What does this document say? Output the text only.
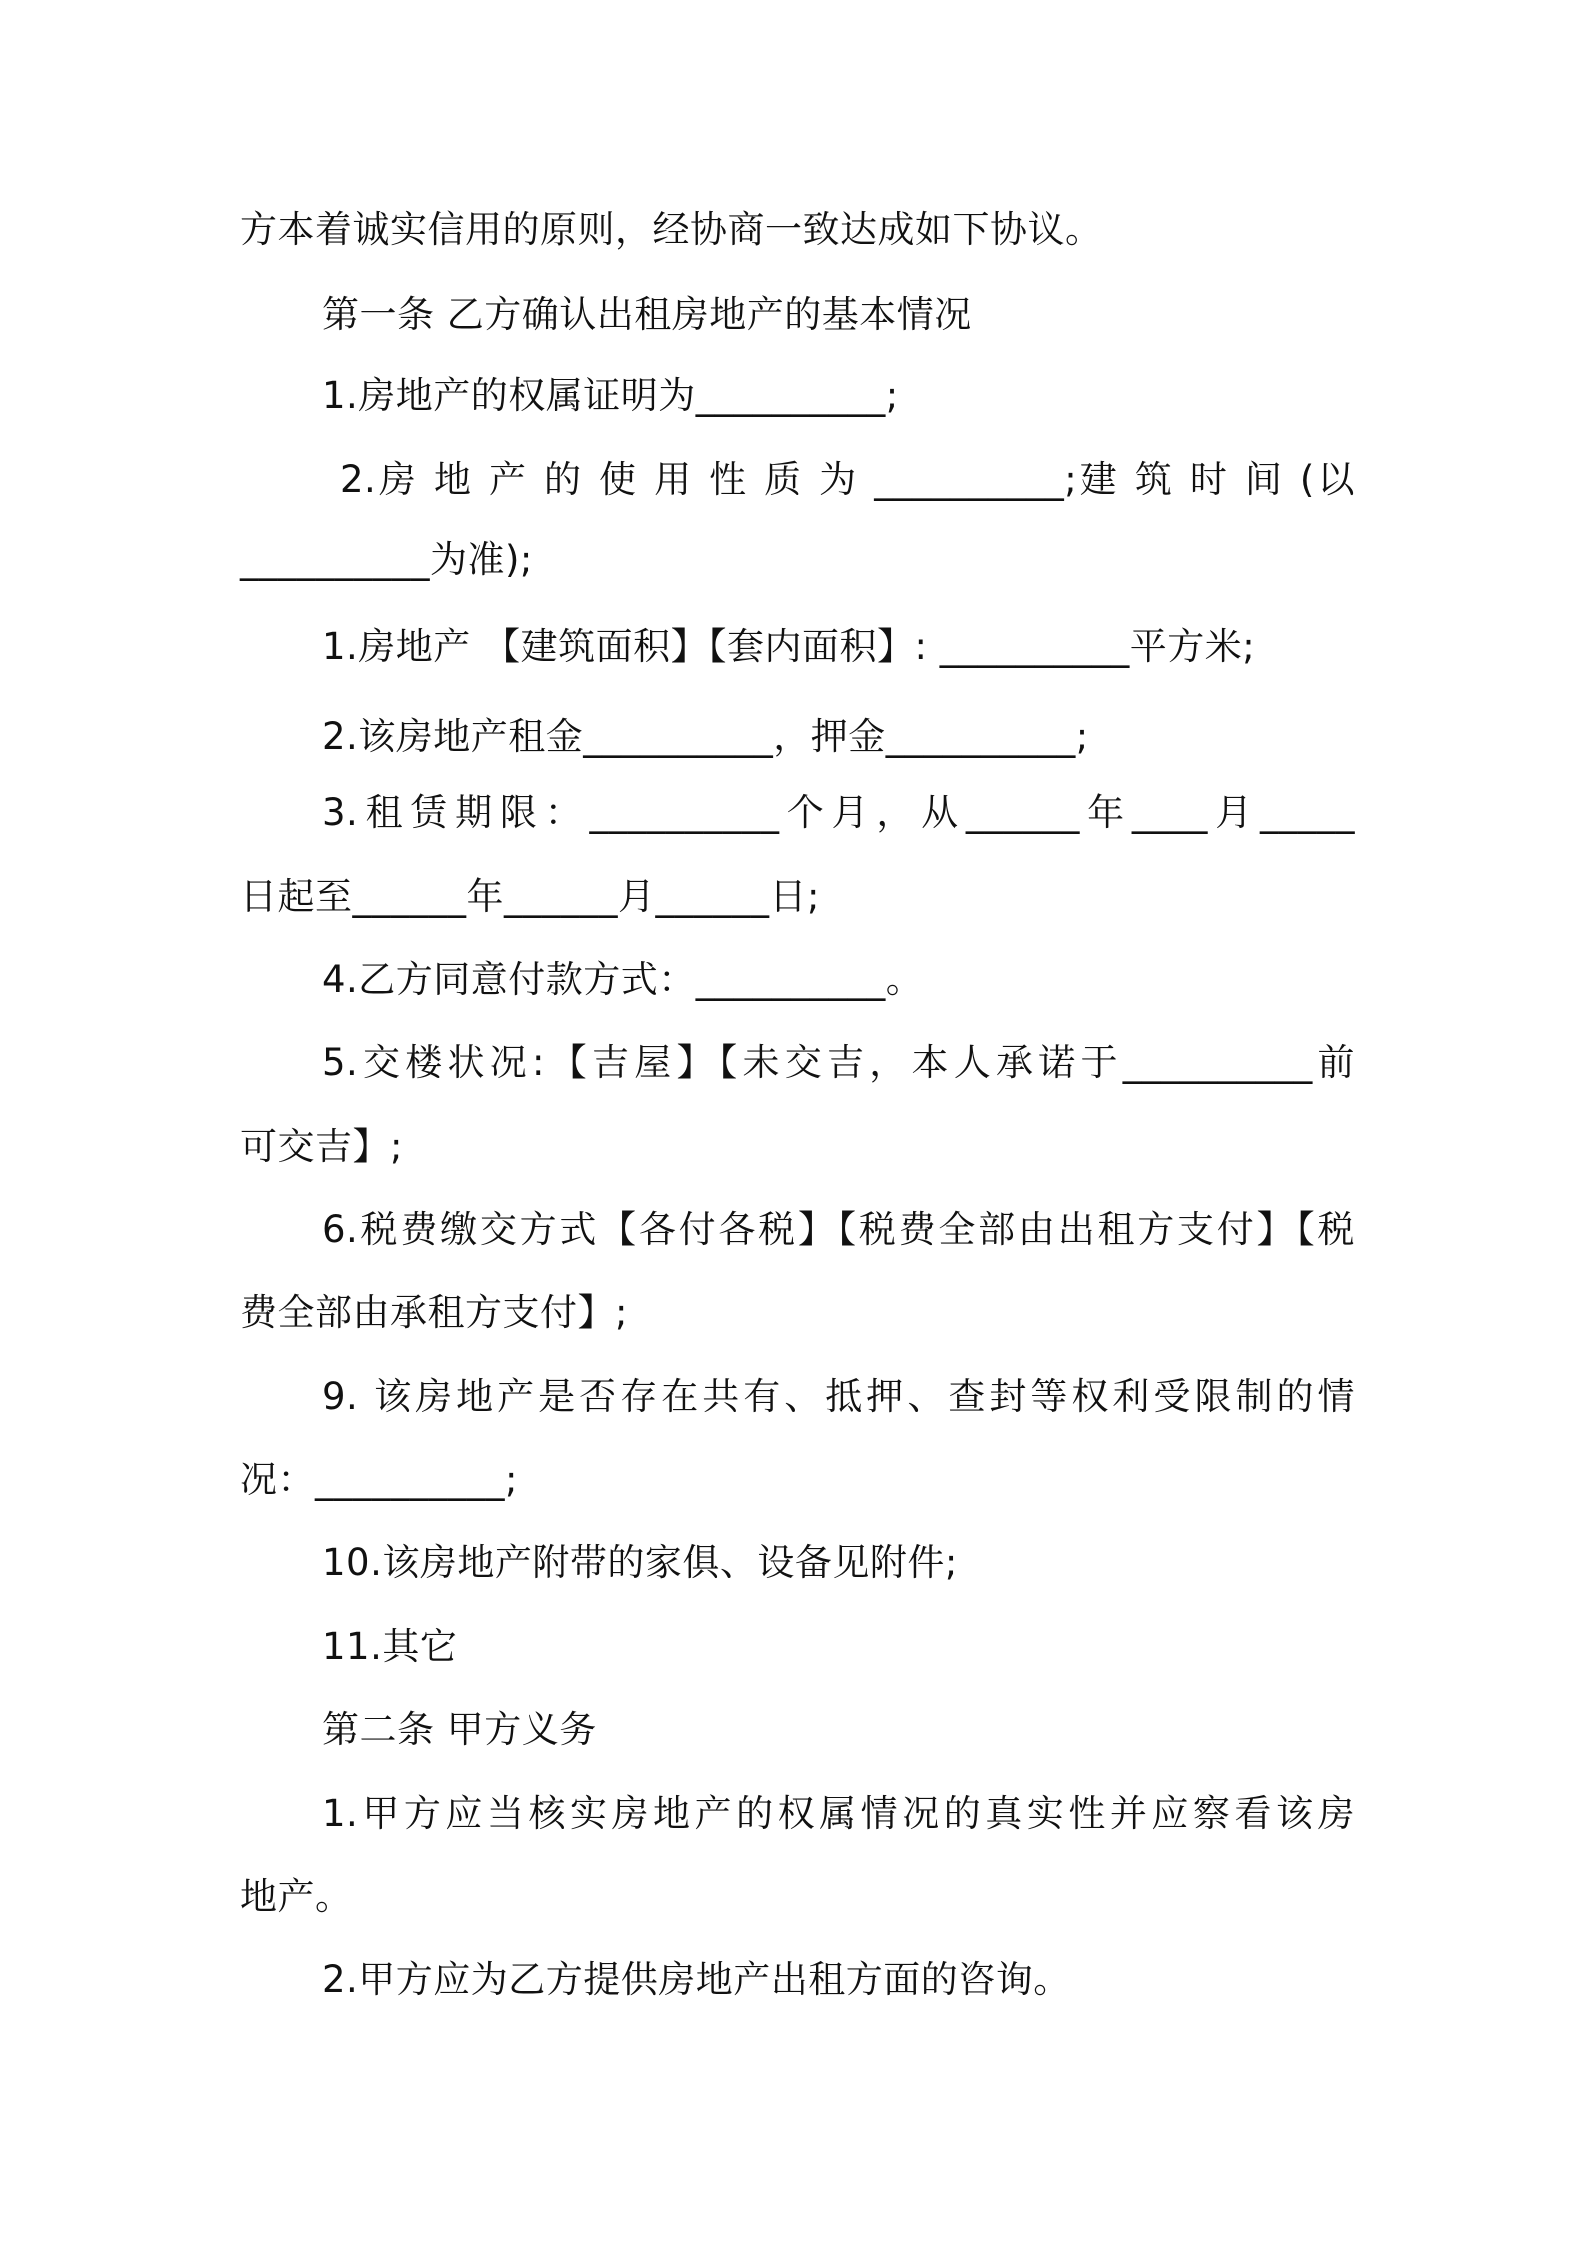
方本着诚实信用的原则，经协商一致达成如下协议。
第一条 乙方确认出租房地产的基本情况
1.房地产的权属证明为__________;
2.房 地 产 的 使 用 性 质 为 __________;建 筑 时 间 (以
__________为准);
1.房地产 【建筑面积】【套内面积】: __________平方米;
2.该房地产租金__________，押金__________;
3.租赁期限：__________个月，从______年____月_____
日起至______年______月______日;
4.乙方同意付款方式：__________。
5.交楼状况:【吉屋】【未交吉，本人承诺于__________前
可交吉】;
6.税费缴交方式【各付各税】【税费全部由出租方支付】【税
费全部由承租方支付】;
9. 该房地产是否存在共有、抵押、查封等权利受限制的情
况：__________;
10.该房地产附带的家俱、设备见附件;
11.其它
第二条 甲方义务
1.甲方应当核实房地产的权属情况的真实性并应察看该房
地产。
2.甲方应为乙方提供房地产出租方面的咨询。
